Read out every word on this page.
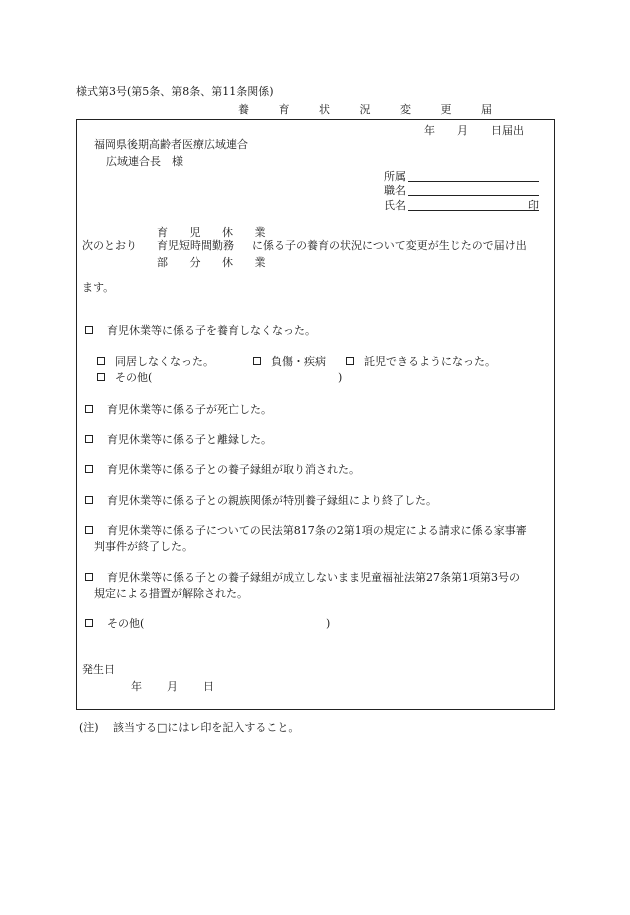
様式第3号(第5条、第8条、第11条関係)
養 育 状 況 変 更 届
年 月 日届出
福岡県後期高齢者医療広域連合
広域連合長　様
所属
職名
氏名	印
育 児 休 業
次のとおり 育児短時間勤務 に係る子の養育の状況について変更が生じたので届け出
部 分 休 業
ます。
育児休業等に係る子を養育しなくなった。
同居しなくなった。	負傷・疾病	託児できるようになった。
その他(	)
育児休業等に係る子が死亡した。
育児休業等に係る子と離縁した。
育児休業等に係る子との養子縁組が取り消された。
育児休業等に係る子との親族関係が特別養子縁組により終了した。
育児休業等に係る子についての民法第817条の2第1項の規定による請求に係る家事審
判事件が終了した。
育児休業等に係る子との養子縁組が成立しないまま児童福祉法第27条第1項第3号の
規定による措置が解除された。
その他(	)
発生日
年 月 日
(注) 該当する□にはレ印を記入すること。
